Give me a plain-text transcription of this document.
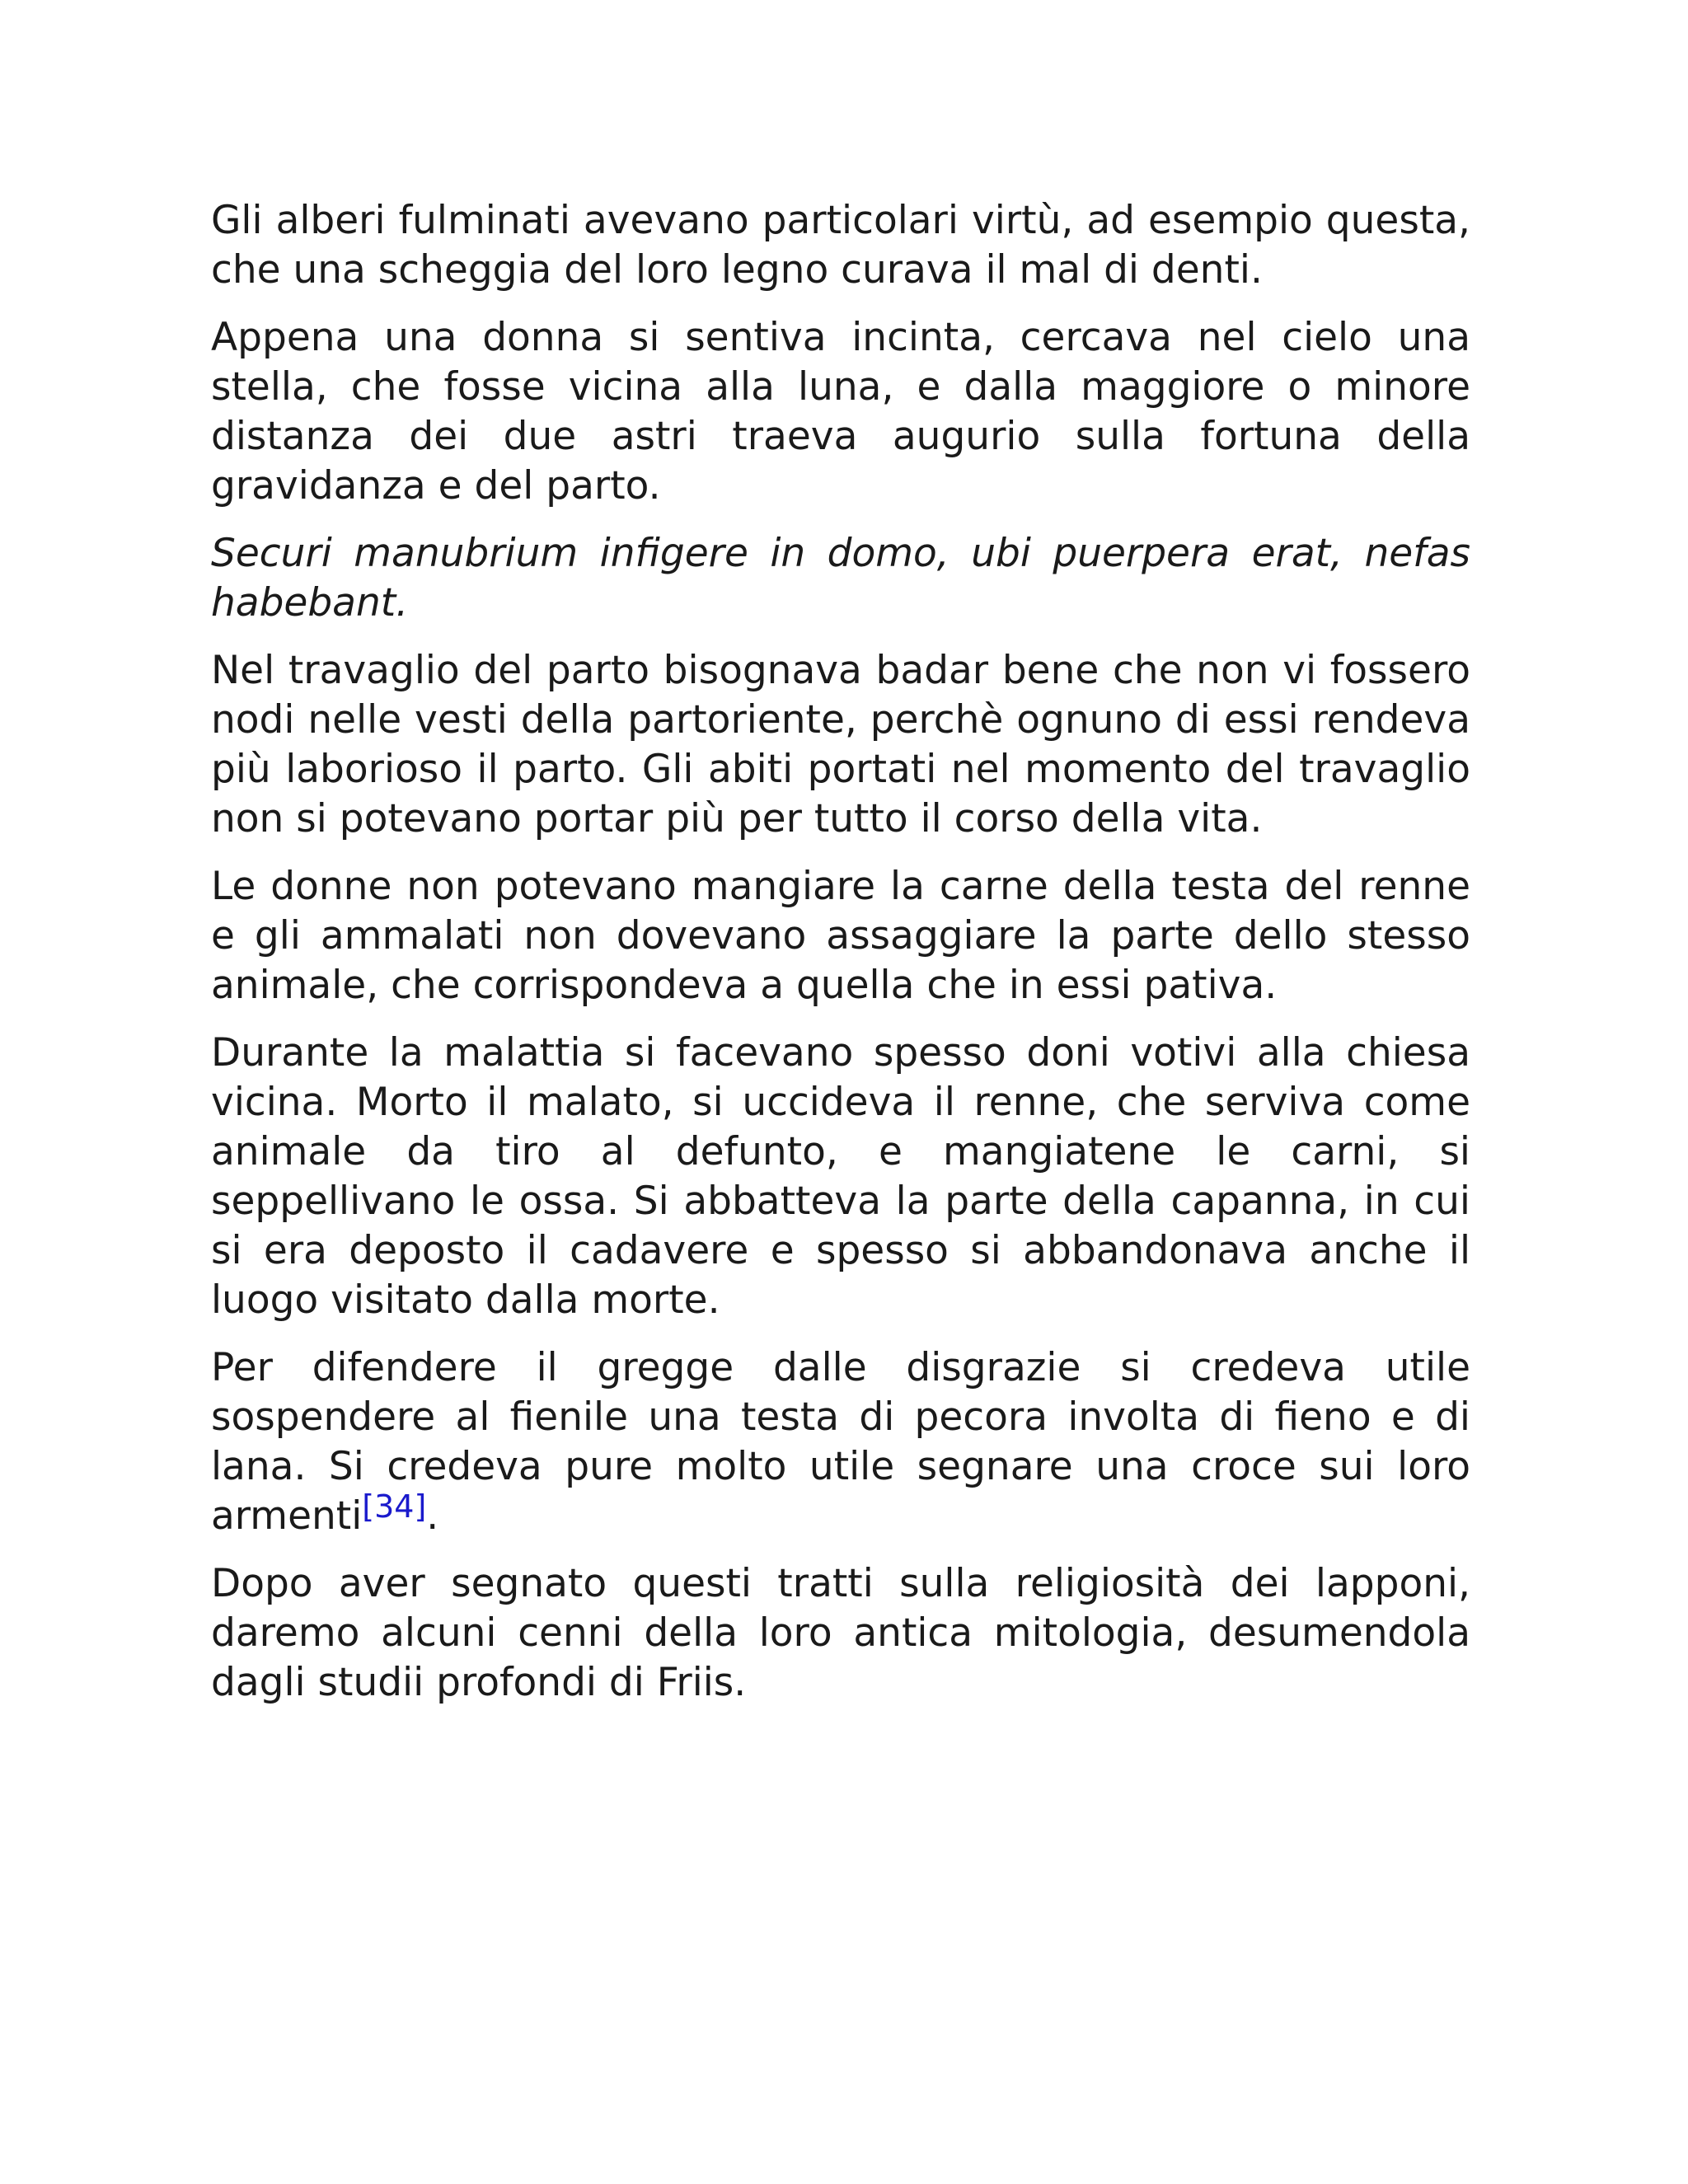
Gli alberi fulminati avevano particolari virtù, ad esempio questa, che una scheggia del loro legno curava il mal di denti.

Appena una donna si sentiva incinta, cercava nel cielo una stella, che fosse vicina alla luna, e dalla maggiore o minore distanza dei due astri traeva augurio sulla fortuna della gravidanza e del parto.

Securi manubrium infigere in domo, ubi puerpera erat, nefas habebant.

Nel travaglio del parto bisognava badar bene che non vi fossero nodi nelle vesti della partoriente, perchè ognuno di essi rendeva più laborioso il parto. Gli abiti portati nel momento del travaglio non si potevano portar più per tutto il corso della vita.

Le donne non potevano mangiare la carne della testa del renne e gli ammalati non dovevano assaggiare la parte dello stesso animale, che corrispondeva a quella che in essi pativa.

Durante la malattia si facevano spesso doni votivi alla chiesa vicina. Morto il malato, si uccideva il renne, che serviva come animale da tiro al defunto, e mangiatene le carni, si seppellivano le ossa. Si abbatteva la parte della capanna, in cui si era deposto il cadavere e spesso si abbandonava anche il luogo visitato dalla morte.

Per difendere il gregge dalle disgrazie si credeva utile sospendere al fienile una testa di pecora involta di fieno e di lana. Si credeva pure molto utile segnare una croce sui loro armenti[34].

Dopo aver segnato questi tratti sulla religiosità dei lapponi, daremo alcuni cenni della loro antica mitologia, desumendola dagli studii profondi di Friis.
